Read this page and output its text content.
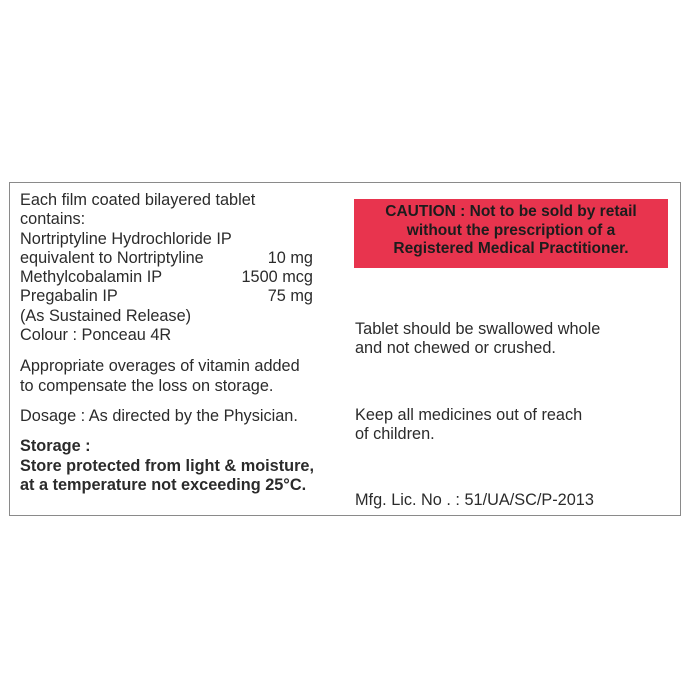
Each film coated bilayered tablet
contains:
Nortriptyline Hydrochloride IP
equivalent to Nortriptyline	10 mg
Methylcobalamin IP	1500 mcg
Pregabalin IP	75 mg
(As Sustained Release)
Colour : Ponceau 4R
Appropriate overages of vitamin added
to compensate the loss on storage.
Dosage : As directed by the Physician.
Storage :
Store protected from light & moisture,
at a temperature not exceeding 25°C.
CAUTION : Not to be sold by retail
without the prescription of a
Registered Medical Practitioner.
Tablet should be swallowed whole
and not chewed or crushed.
Keep all medicines out of reach
of children.
Mfg. Lic. No . : 51/UA/SC/P-2013
